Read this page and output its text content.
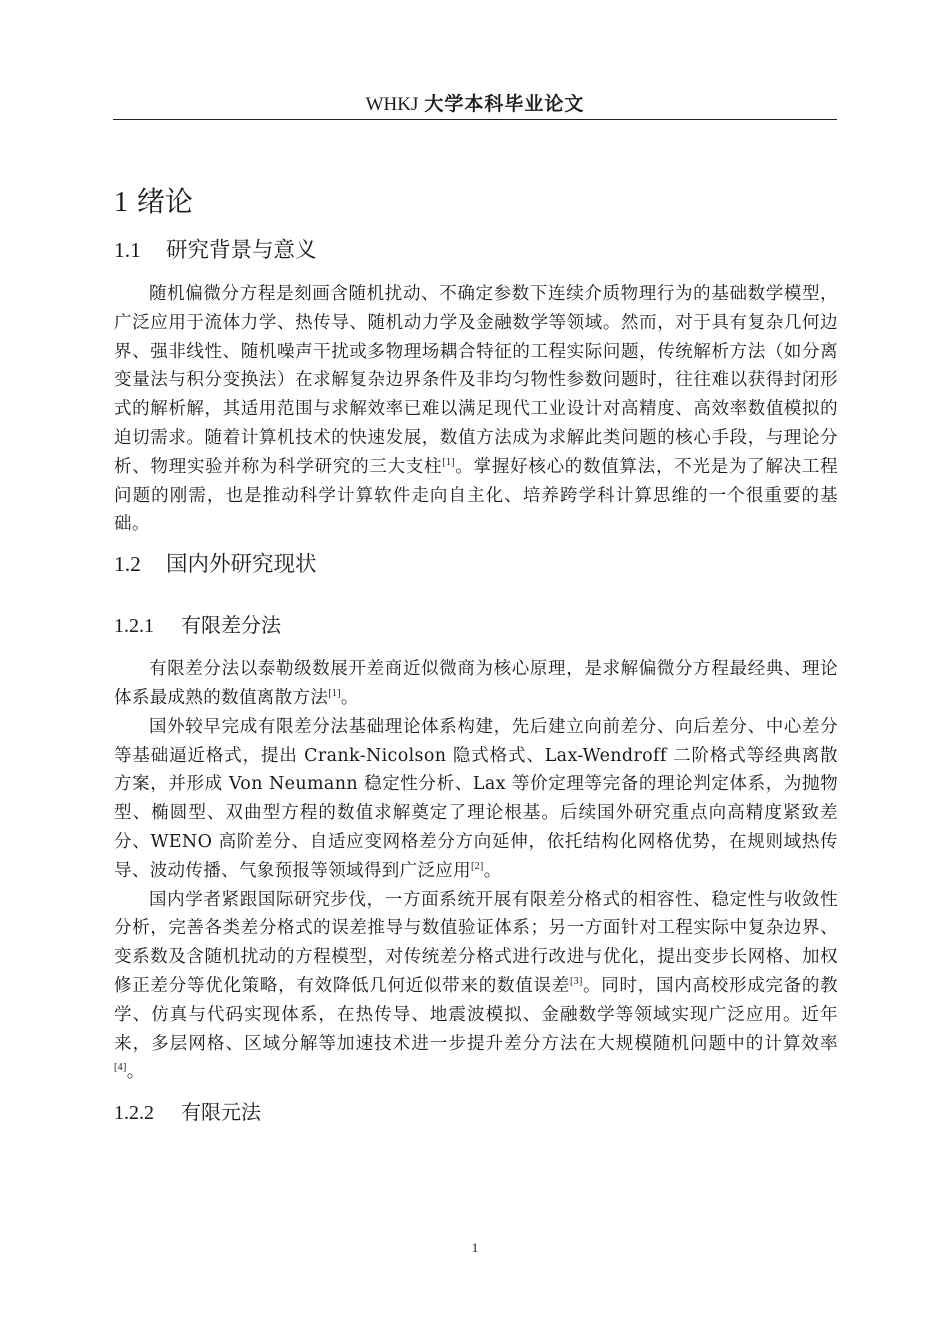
WHKJ 大学本科毕业论文
1 绪论
1.1 研究背景与意义

随机偏微分方程是刻画含随机扰动、不确定参数下连续介质物理行为的基础数学模型，广泛应用于流体力学、热传导、随机动力学及金融数学等领域。然而，对于具有复杂几何边界、强非线性、随机噪声干扰或多物理场耦合特征的工程实际问题，传统解析方法（如分离变量法与积分变换法）在求解复杂边界条件及非均匀物性参数问题时，往往难以获得封闭形式的解析解，其适用范围与求解效率已难以满足现代工业设计对高精度、高效率数值模拟的迫切需求。随着计算机技术的快速发展，数值方法成为求解此类问题的核心手段，与理论分析、物理实验并称为科学研究的三大支柱[1]。掌握好核心的数值算法，不光是为了解决工程问题的刚需，也是推动科学计算软件走向自主化、培养跨学科计算思维的一个很重要的基础。

1.2 国内外研究现状
1.2.1 有限差分法

有限差分法以泰勒级数展开差商近似微商为核心原理，是求解偏微分方程最经典、理论体系最成熟的数值离散方法[1]。

国外较早完成有限差分法基础理论体系构建，先后建立向前差分、向后差分、中心差分等基础逼近格式，提出 Crank-Nicolson 隐式格式、Lax-Wendroff 二阶格式等经典离散方案，并形成 Von Neumann 稳定性分析、Lax 等价定理等完备的理论判定体系，为抛物型、椭圆型、双曲型方程的数值求解奠定了理论根基。后续国外研究重点向高精度紧致差分、WENO 高阶差分、自适应变网格差分方向延伸，依托结构化网格优势，在规则域热传导、波动传播、气象预报等领域得到广泛应用[2]。

国内学者紧跟国际研究步伐，一方面系统开展有限差分格式的相容性、稳定性与收敛性分析，完善各类差分格式的误差推导与数值验证体系；另一方面针对工程实际中复杂边界、变系数及含随机扰动的方程模型，对传统差分格式进行改进与优化，提出变步长网格、加权修正差分等优化策略，有效降低几何近似带来的数值误差[3]。同时，国内高校形成完备的教学、仿真与代码实现体系，在热传导、地震波模拟、金融数学等领域实现广泛应用。近年来，多层网格、区域分解等加速技术进一步提升差分方法在大规模随机问题中的计算效率[4]。

1.2.2 有限元法
1
